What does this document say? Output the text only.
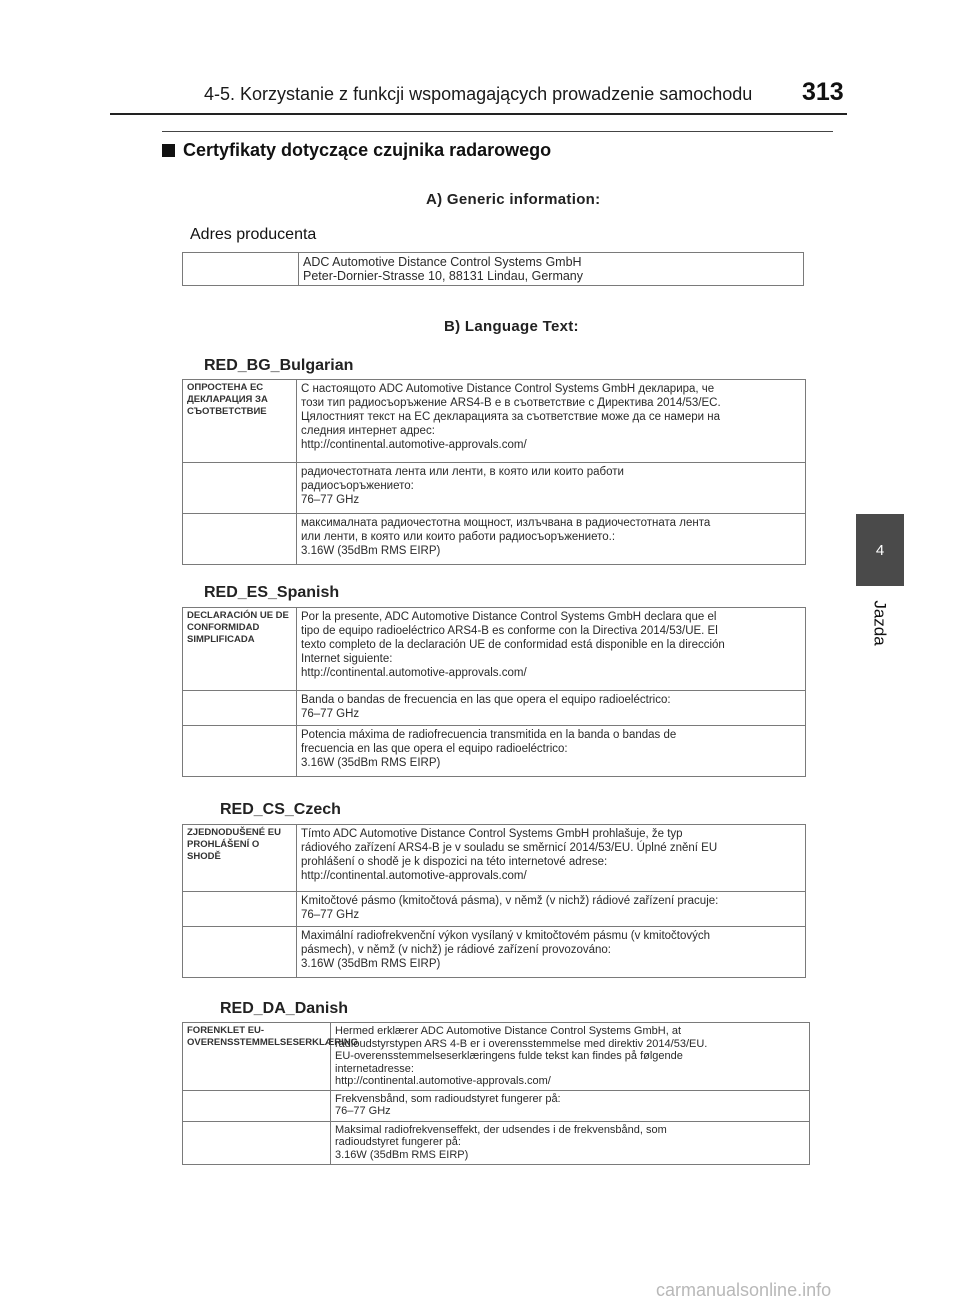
4-5. Korzystanie z funkcji wspomagających prowadzenie samochodu 313
Certyfikaty dotyczące czujnika radarowego
4
Jazda
A) Generic information:
Adres producenta

ADC Automotive Distance Control Systems GmbH
Peter-Dornier-Strasse 10, 88131 Lindau, Germany
B) Language Text:
RED_BG_Bulgarian
ОПРОСТЕНА ЕС ДЕКЛАРАЦИЯ ЗА СЪОТВЕТСТВИЕ	С настоящото ADC Automotive Distance Control Systems GmbH декларира, че
този тип радиосъоръжение ARS4-B е в съответствие с Директива 2014/53/ЕС.
Цялостният текст на ЕС декларацията за съответствие може да се намери на
следния интернет адрес:
http://continental.automotive-approvals.com/

	радиочестотната лента или ленти, в която или които работи
радиосъоръжението:
76–77 GHz

	максималната радиочестотна мощност, излъчвана в радиочестотната лента
или ленти, в която или които работи радиосъоръжението.:
3.16W (35dBm RMS EIRP)
RED_ES_Spanish
DECLARACIÓN UE DE CONFORMIDAD SIMPLIFICADA	Por la presente, ADC Automotive Distance Control Systems GmbH declara que el
tipo de equipo radioeléctrico ARS4-B es conforme con la Directiva 2014/53/UE. El
texto completo de la declaración UE de conformidad está disponible en la dirección
Internet siguiente:
http://continental.automotive-approvals.com/

	Banda o bandas de frecuencia en las que opera el equipo radioeléctrico:
76–77 GHz

	Potencia máxima de radiofrecuencia transmitida en la banda o bandas de
frecuencia en las que opera el equipo radioeléctrico:
3.16W (35dBm RMS EIRP)
RED_CS_Czech
ZJEDNODUŠENÉ EU PROHLÁŠENÍ O SHODĚ	Tímto ADC Automotive Distance Control Systems GmbH prohlašuje, že typ
rádiového zařízení ARS4-B je v souladu se směrnicí 2014/53/EU. Úplné znění EU
prohlášení o shodě je k dispozici na této internetové adrese:
http://continental.automotive-approvals.com/

	Kmitočtové pásmo (kmitočtová pásma), v němž (v nichž) rádiové zařízení pracuje:
76–77 GHz

	Maximální radiofrekvenční výkon vysílaný v kmitočtovém pásmu (v kmitočtových
pásmech), v němž (v nichž) je rádiové zařízení provozováno:
3.16W (35dBm RMS EIRP)
RED_DA_Danish
FORENKLET EU-OVERENSSTEMMELSESERKLÆRING	Hermed erklærer ADC Automotive Distance Control Systems GmbH, at
radioudstyrstypen ARS 4-B er i overensstemmelse med direktiv 2014/53/EU.
EU-overensstemmelseserklæringens fulde tekst kan findes på følgende
internetadresse:
http://continental.automotive-approvals.com/

	Frekvensbånd, som radioudstyret fungerer på:
76–77 GHz

	Maksimal radiofrekvenseffekt, der udsendes i de frekvensbånd, som
radioudstyret fungerer på:
3.16W (35dBm RMS EIRP)
carmanualsonline.info
